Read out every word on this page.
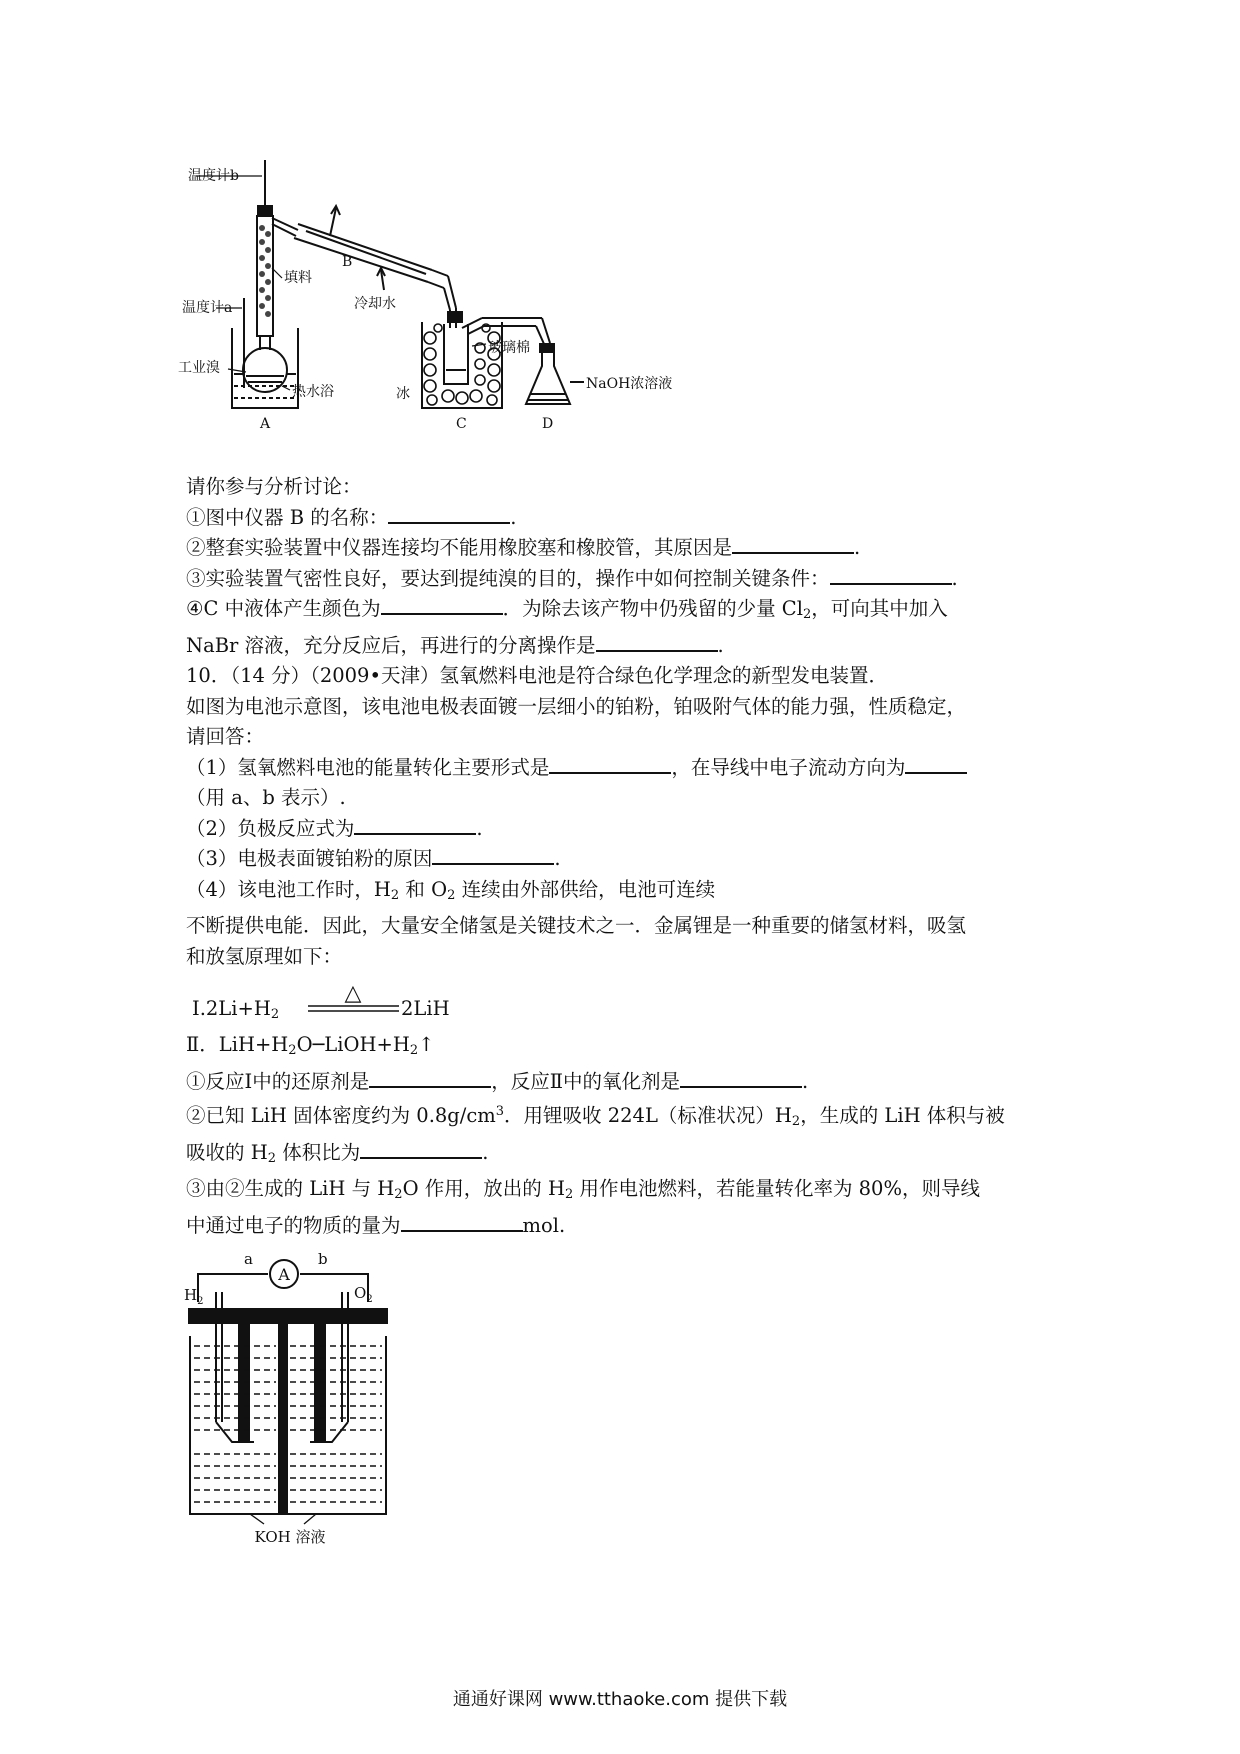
温度计b
填料
B
冷却水
温度计a
工业溴
热水浴	冰
玻璃棉
NaOH浓溶液
A	C	D
请你参与分析讨论：
①图中仪器 B 的名称：	.
②整套实验装置中仪器连接均不能用橡胶塞和橡胶管，其原因是	.
③实验装置气密性良好，要达到提纯溴的目的，操作中如何控制关键条件：	.
④C 中液体产生颜色为	．为除去该产物中仍残留的少量 $Cl_2$，可向其中加入
NaBr 溶液，充分反应后，再进行的分离操作是	.
10．（14 分）（2009•天津）氢氧燃料电池是符合绿色化学理念的新型发电装置．
如图为电池示意图，该电池电极表面镀一层细小的铂粉，铂吸附气体的能力强，性质稳定，
请回答：
（1）氢氧燃料电池的能量转化主要形式是	，在导线中电子流动方向为
（用 a、b 表示）.
（2）负极反应式为	.
（3）电极表面镀铂粉的原因	.
（4）该电池工作时，$H_2$ 和 $O_2$ 连续由外部供给，电池可连续
不断提供电能．因此，大量安全储氢是关键技术之一．金属锂是一种重要的储氢材料，吸氢
和放氢原理如下：
$Ⅰ.2Li+H_2$
△
2LiH
Ⅱ．$LiH+H_2O─LiOH+H_2↑$
①反应Ⅰ中的还原剂是	，反应Ⅱ中的氧化剂是	.
②已知 LiH 固体密度约为 $0.8g/cm^3$．用锂吸收 224L（标准状况）$H_2$，生成的 LiH 体积与被
吸收的 $H_2$ 体积比为	.
③由②生成的 LiH 与 $H_2O$ 作用，放出的 $H_2$ 用作电池燃料，若能量转化率为 80%，则导线
中通过电子的物质的量为	mol.
a	b
A
$H_2$	$O_2$
KOH 溶液
通通好课网 www.tthaoke.com 提供下载
